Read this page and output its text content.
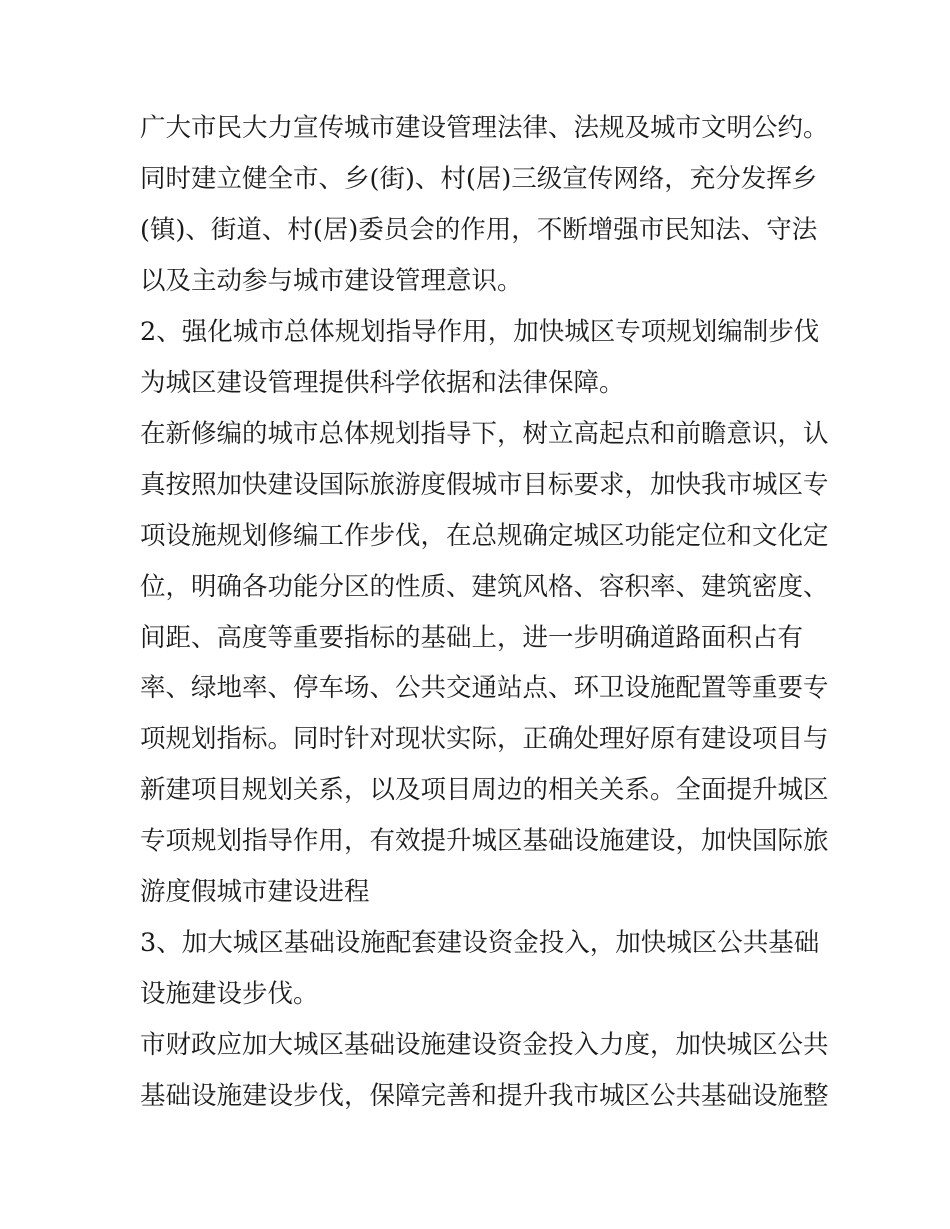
广大市民大力宣传城市建设管理法律、法规及城市文明公约。
同时建立健全市、乡(街)、村(居)三级宣传网络，充分发挥乡
(镇)、街道、村(居)委员会的作用，不断增强市民知法、守法
以及主动参与城市建设管理意识。
2、强化城市总体规划指导作用，加快城区专项规划编制步伐
为城区建设管理提供科学依据和法律保障。
在新修编的城市总体规划指导下，树立高起点和前瞻意识，认
真按照加快建设国际旅游度假城市目标要求，加快我市城区专
项设施规划修编工作步伐，在总规确定城区功能定位和文化定
位，明确各功能分区的性质、建筑风格、容积率、建筑密度、
间距、高度等重要指标的基础上，进一步明确道路面积占有
率、绿地率、停车场、公共交通站点、环卫设施配置等重要专
项规划指标。同时针对现状实际，正确处理好原有建设项目与
新建项目规划关系，以及项目周边的相关关系。全面提升城区
专项规划指导作用，有效提升城区基础设施建设，加快国际旅
游度假城市建设进程
3、加大城区基础设施配套建设资金投入，加快城区公共基础
设施建设步伐。
市财政应加大城区基础设施建设资金投入力度，加快城区公共
基础设施建设步伐，保障完善和提升我市城区公共基础设施整
